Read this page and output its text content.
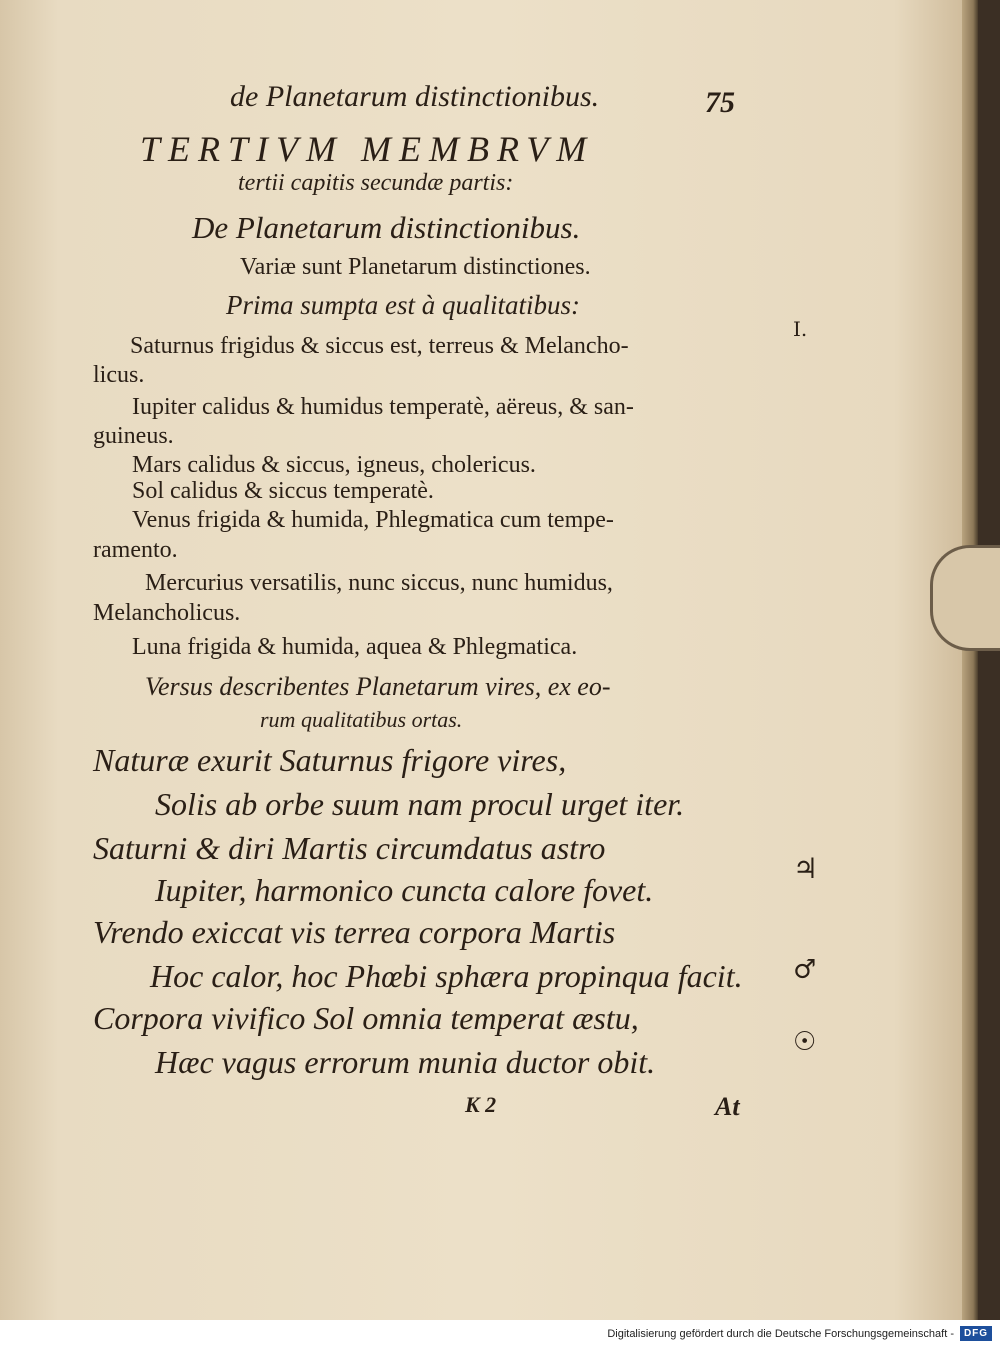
de Planetarum distinctionibus.	75

TERTIVM MEMBRVM

tertii capitis secundæ partis:

De Planetarum distinctionibus.

Variæ sunt Planetarum distinctiones.

Prima sumpta est à qualitatibus:

Saturnus frigidus & siccus est, terreus & Melancho-

licus.

Iupiter calidus & humidus temperatè, aëreus, & san-

guineus.

Mars calidus & siccus, igneus, cholericus.

Sol calidus & siccus temperatè.

Venus frigida & humida, Phlegmatica cum tempe-

ramento.

Mercurius versatilis, nunc siccus, nunc humidus,

Melancholicus.

Luna frigida & humida, aquea & Phlegmatica.

Versus describentes Planetarum vires, ex eo-

rum qualitatibus ortas.

Naturæ exurit Saturnus frigore vires,

Solis ab orbe suum nam procul urget iter.

Saturni & diri Martis circumdatus astro

Iupiter, harmonico cuncta calore fovet.

Vrendo exiccat vis terrea corpora Martis

Hoc calor, hoc Phœbi sphæra propinqua facit.

Corpora vivifico Sol omnia temperat æstu,

Hæc vagus errorum munia ductor obit.

K 2	At

I.
♃
♂
☉
Digitalisierung gefördert durch die Deutsche Forschungsgemeinschaft - DFG
